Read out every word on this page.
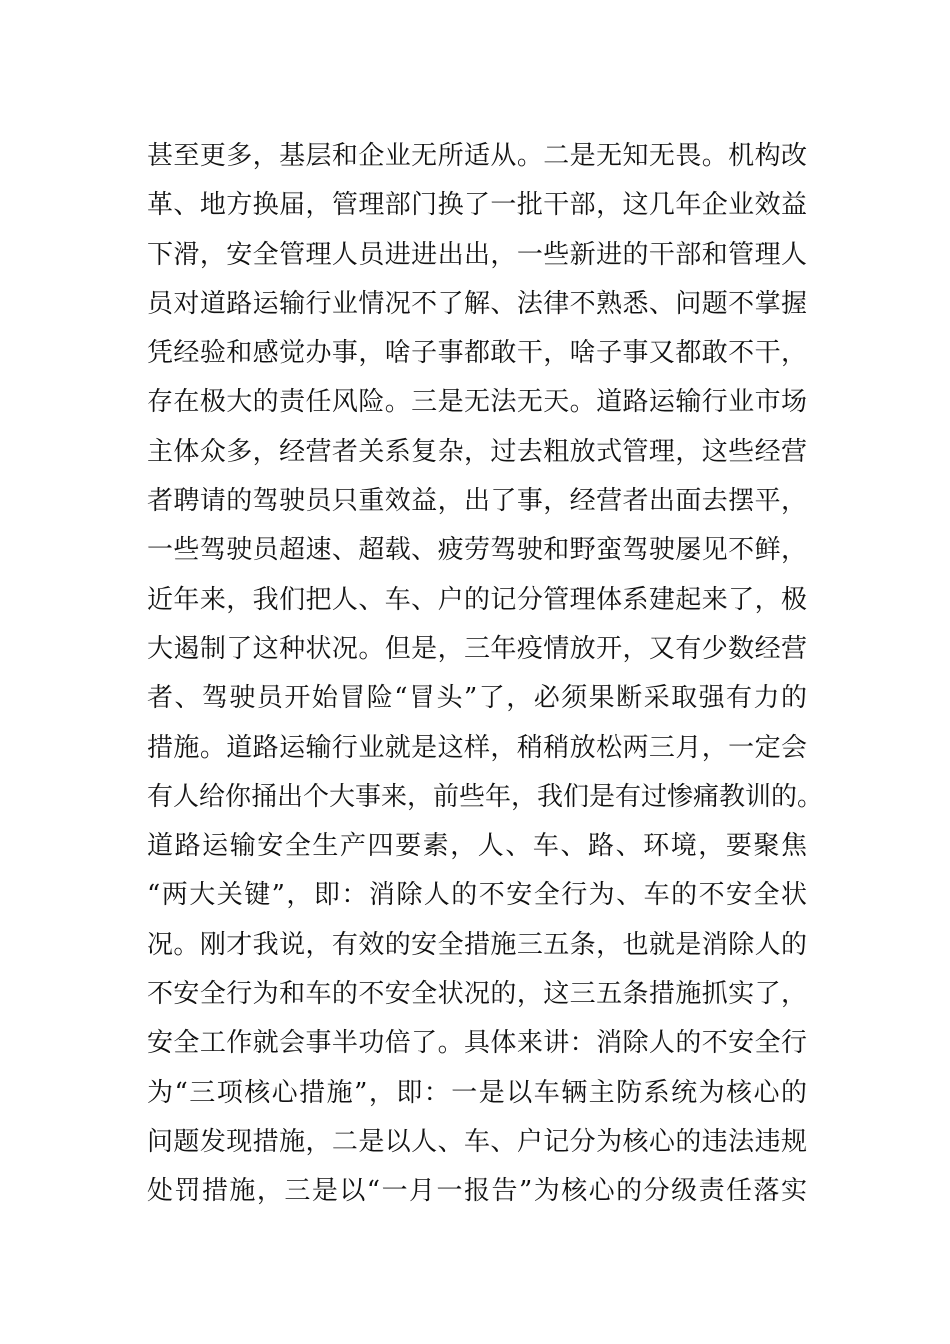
甚至更多，基层和企业无所适从。二是无知无畏。机构改
革、地方换届，管理部门换了一批干部，这几年企业效益
下滑，安全管理人员进进出出，一些新进的干部和管理人
员对道路运输行业情况不了解、法律不熟悉、问题不掌握
凭经验和感觉办事，啥子事都敢干，啥子事又都敢不干，
存在极大的责任风险。三是无法无天。道路运输行业市场
主体众多，经营者关系复杂，过去粗放式管理，这些经营
者聘请的驾驶员只重效益，出了事，经营者出面去摆平，
一些驾驶员超速、超载、疲劳驾驶和野蛮驾驶屡见不鲜，
近年来，我们把人、车、户的记分管理体系建起来了，极
大遏制了这种状况。但是，三年疫情放开，又有少数经营
者、驾驶员开始冒险“冒头”了，必须果断采取强有力的
措施。道路运输行业就是这样，稍稍放松两三月，一定会
有人给你捅出个大事来，前些年，我们是有过惨痛教训的。
道路运输安全生产四要素，人、车、路、环境，要聚焦
“两大关键”，即：消除人的不安全行为、车的不安全状
况。刚才我说，有效的安全措施三五条，也就是消除人的
不安全行为和车的不安全状况的，这三五条措施抓实了，
安全工作就会事半功倍了。具体来讲：消除人的不安全行
为“三项核心措施”，即：一是以车辆主防系统为核心的
问题发现措施，二是以人、车、户记分为核心的违法违规
处罚措施，三是以“一月一报告”为核心的分级责任落实
